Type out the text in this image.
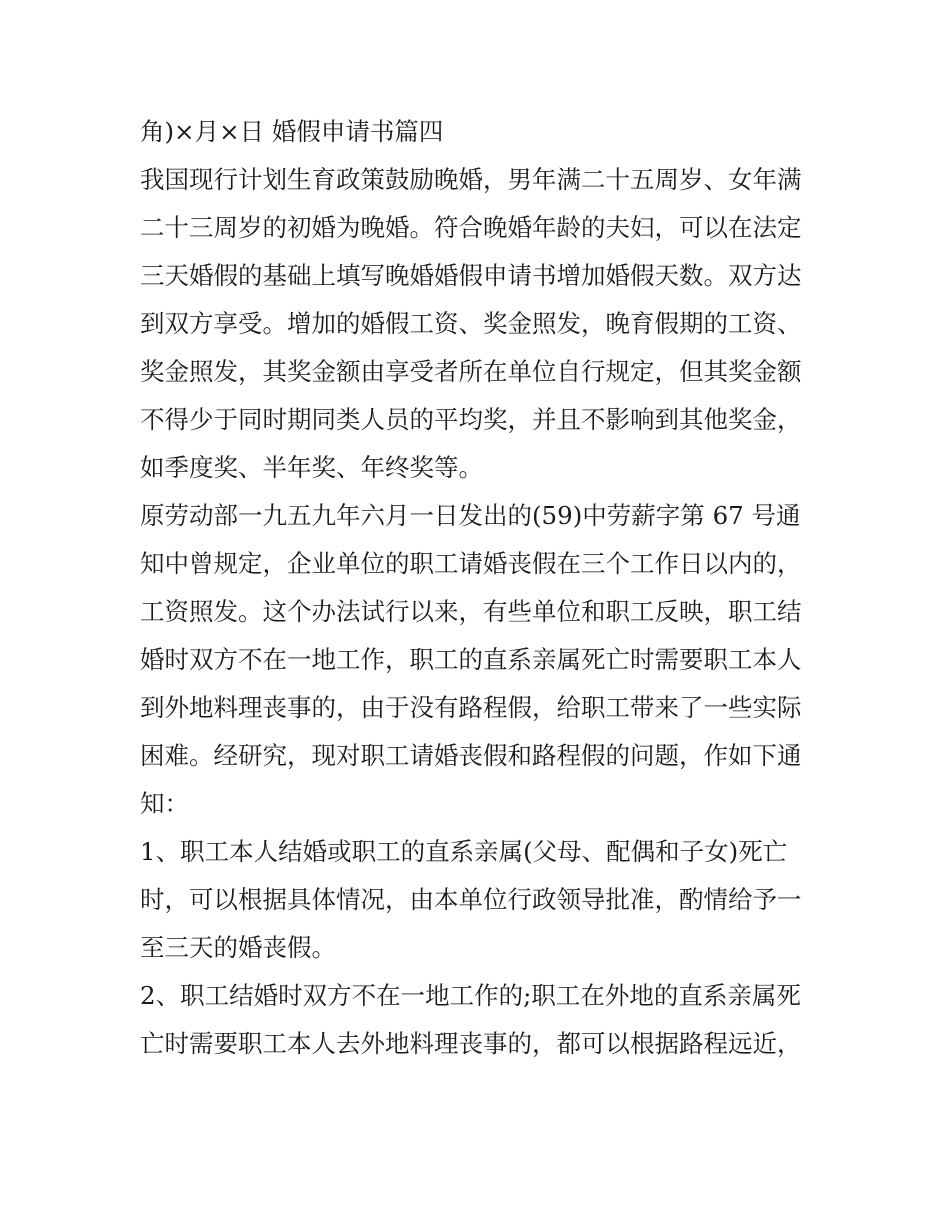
角)×月×日 婚假申请书篇四
我国现行计划生育政策鼓励晚婚，男年满二十五周岁、女年满
二十三周岁的初婚为晚婚。符合晚婚年龄的夫妇，可以在法定
三天婚假的基础上填写晚婚婚假申请书增加婚假天数。双方达
到双方享受。增加的婚假工资、奖金照发，晚育假期的工资、
奖金照发，其奖金额由享受者所在单位自行规定，但其奖金额
不得少于同时期同类人员的平均奖，并且不影响到其他奖金，
如季度奖、半年奖、年终奖等。
原劳动部一九五九年六月一日发出的(59)中劳薪字第 67 号通
知中曾规定，企业单位的职工请婚丧假在三个工作日以内的，
工资照发。这个办法试行以来，有些单位和职工反映，职工结
婚时双方不在一地工作，职工的直系亲属死亡时需要职工本人
到外地料理丧事的，由于没有路程假，给职工带来了一些实际
困难。经研究，现对职工请婚丧假和路程假的问题，作如下通
知：
1、职工本人结婚或职工的直系亲属(父母、配偶和子女)死亡
时，可以根据具体情况，由本单位行政领导批准，酌情给予一
至三天的婚丧假。
2、职工结婚时双方不在一地工作的;职工在外地的直系亲属死
亡时需要职工本人去外地料理丧事的，都可以根据路程远近，
